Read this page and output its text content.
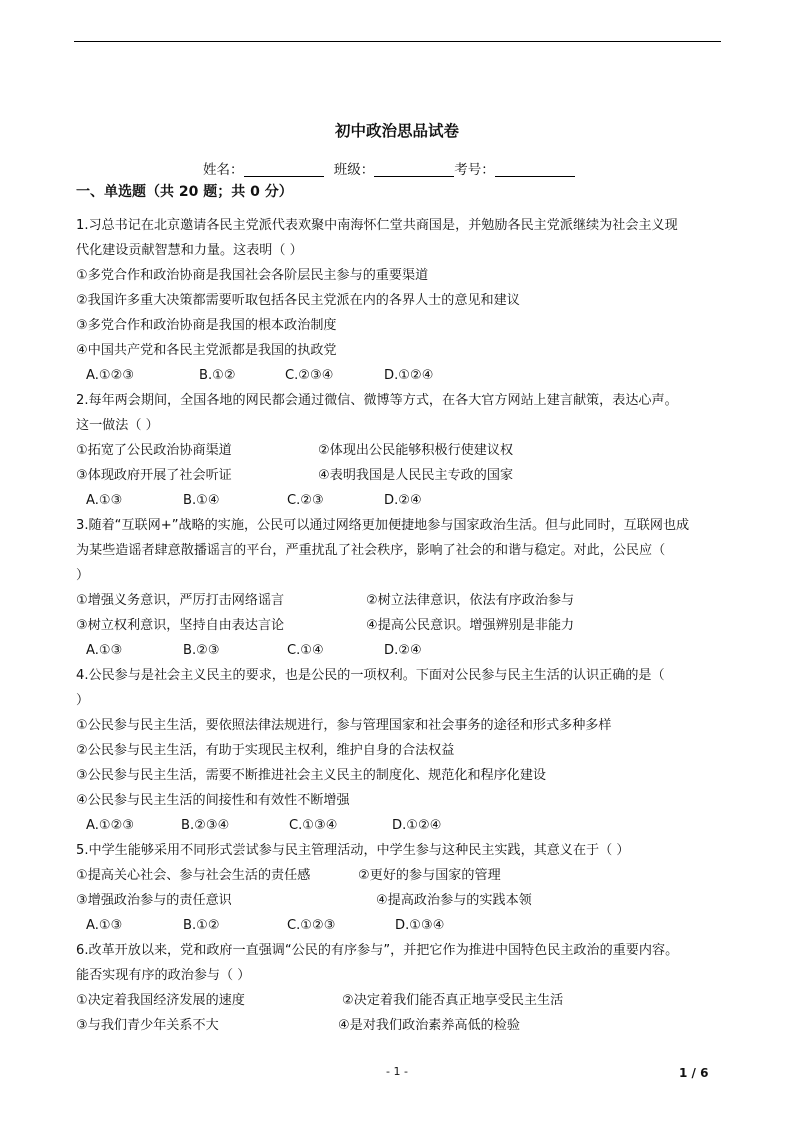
初中政治思品试卷
姓名：	班级：	考号：
一、单选题（共 20 题；共 0 分）
1.习总书记在北京邀请各民主党派代表欢聚中南海怀仁堂共商国是，并勉励各民主党派继续为社会主义现
代化建设贡献智慧和力量。这表明（ ）
①多党合作和政治协商是我国社会各阶层民主参与的重要渠道
②我国许多重大决策都需要听取包括各民主党派在内的各界人士的意见和建议
③多党合作和政治协商是我国的根本政治制度
④中国共产党和各民主党派都是我国的执政党
A.①②③	B.①②	C.②③④	D.①②④
2.每年两会期间，全国各地的网民都会通过微信、微博等方式，在各大官方网站上建言献策，表达心声。
这一做法（ ）
①拓宽了公民政治协商渠道	②体现出公民能够积极行使建议权
③体现政府开展了社会听证	④表明我国是人民民主专政的国家
A.①③	B.①④	C.②③	D.②④
3.随着“互联网+”战略的实施，公民可以通过网络更加便捷地参与国家政治生活。但与此同时，互联网也成
为某些造谣者肆意散播谣言的平台，严重扰乱了社会秩序，影响了社会的和谐与稳定。对此，公民应（
）
①增强义务意识，严厉打击网络谣言	②树立法律意识，依法有序政治参与
③树立权利意识，坚持自由表达言论	④提高公民意识。增强辨别是非能力
A.①③	B.②③	C.①④	D.②④
4.公民参与是社会主义民主的要求，也是公民的一项权利。下面对公民参与民主生活的认识正确的是（
）
①公民参与民主生活，要依照法律法规进行，参与管理国家和社会事务的途径和形式多种多样
②公民参与民主生活，有助于实现民主权利，维护自身的合法权益
③公民参与民主生活，需要不断推进社会主义民主的制度化、规范化和程序化建设
④公民参与民主生活的间接性和有效性不断增强
A.①②③	B.②③④	C.①③④	D.①②④
5.中学生能够采用不同形式尝试参与民主管理活动，中学生参与这种民主实践，其意义在于（ ）
①提高关心社会、参与社会生活的责任感	②更好的参与国家的管理
③增强政治参与的责任意识	④提高政治参与的实践本领
A.①③	B.①②	C.①②③	D.①③④
6.改革开放以来，党和政府一直强调“公民的有序参与”，并把它作为推进中国特色民主政治的重要内容。
能否实现有序的政治参与（ ）
①决定着我国经济发展的速度	②决定着我们能否真正地享受民主生活
③与我们青少年关系不大	④是对我们政治素养高低的检验
- 1 -	1 / 6
